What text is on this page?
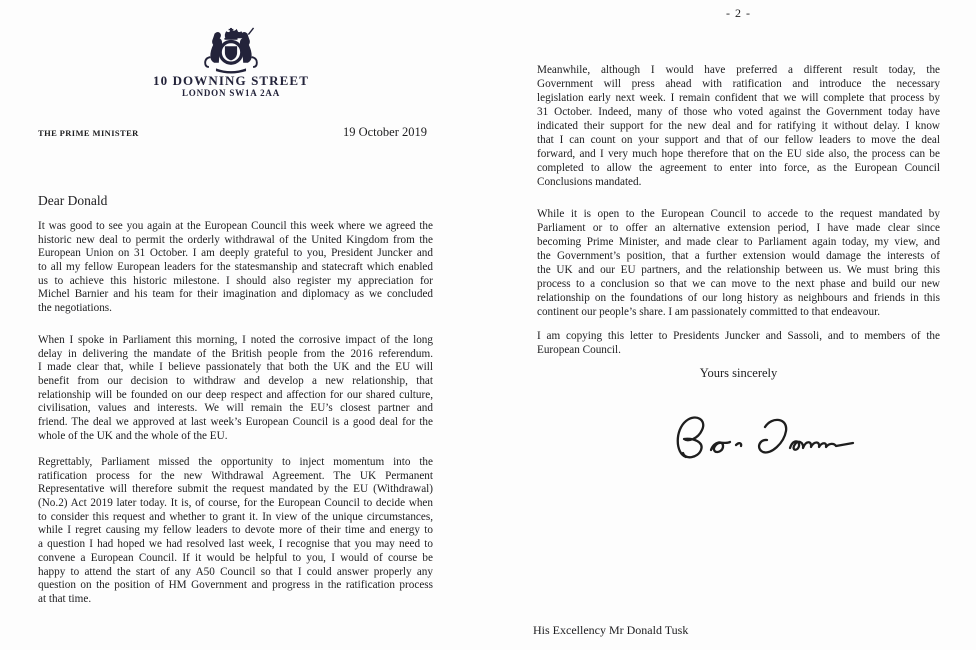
10 DOWNING STREET
LONDON SW1A 2AA
THE PRIME MINISTER	19 October 2019
Dear Donald
It was good to see you again at the European Council this week where we agreed the
historic new deal to permit the orderly withdrawal of the United Kingdom from the
European Union on 31 October. I am deeply grateful to you, President Juncker and
to all my fellow European leaders for the statesmanship and statecraft which enabled
us to achieve this historic milestone. I should also register my appreciation for
Michel Barnier and his team for their imagination and diplomacy as we concluded
the negotiations.
When I spoke in Parliament this morning, I noted the corrosive impact of the long
delay in delivering the mandate of the British people from the 2016 referendum.
I made clear that, while I believe passionately that both the UK and the EU will
benefit from our decision to withdraw and develop a new relationship, that
relationship will be founded on our deep respect and affection for our shared culture,
civilisation, values and interests. We will remain the EU’s closest partner and
friend. The deal we approved at last week’s European Council is a good deal for the
whole of the UK and the whole of the EU.
Regrettably, Parliament missed the opportunity to inject momentum into the
ratification process for the new Withdrawal Agreement. The UK Permanent
Representative will therefore submit the request mandated by the EU (Withdrawal)
(No.2) Act 2019 later today. It is, of course, for the European Council to decide when
to consider this request and whether to grant it. In view of the unique circumstances,
while I regret causing my fellow leaders to devote more of their time and energy to
a question I had hoped we had resolved last week, I recognise that you may need to
convene a European Council. If it would be helpful to you, I would of course be
happy to attend the start of any A50 Council so that I could answer properly any
question on the position of HM Government and progress in the ratification process
at that time.
- 2 -
Meanwhile, although I would have preferred a different result today, the
Government will press ahead with ratification and introduce the necessary
legislation early next week. I remain confident that we will complete that process by
31 October. Indeed, many of those who voted against the Government today have
indicated their support for the new deal and for ratifying it without delay. I know
that I can count on your support and that of our fellow leaders to move the deal
forward, and I very much hope therefore that on the EU side also, the process can be
completed to allow the agreement to enter into force, as the European Council
Conclusions mandated.
While it is open to the European Council to accede to the request mandated by
Parliament or to offer an alternative extension period, I have made clear since
becoming Prime Minister, and made clear to Parliament again today, my view, and
the Government’s position, that a further extension would damage the interests of
the UK and our EU partners, and the relationship between us. We must bring this
process to a conclusion so that we can move to the next phase and build our new
relationship on the foundations of our long history as neighbours and friends in this
continent our people’s share. I am passionately committed to that endeavour.
I am copying this letter to Presidents Juncker and Sassoli, and to members of the
European Council.
Yours sincerely
His Excellency Mr Donald Tusk
